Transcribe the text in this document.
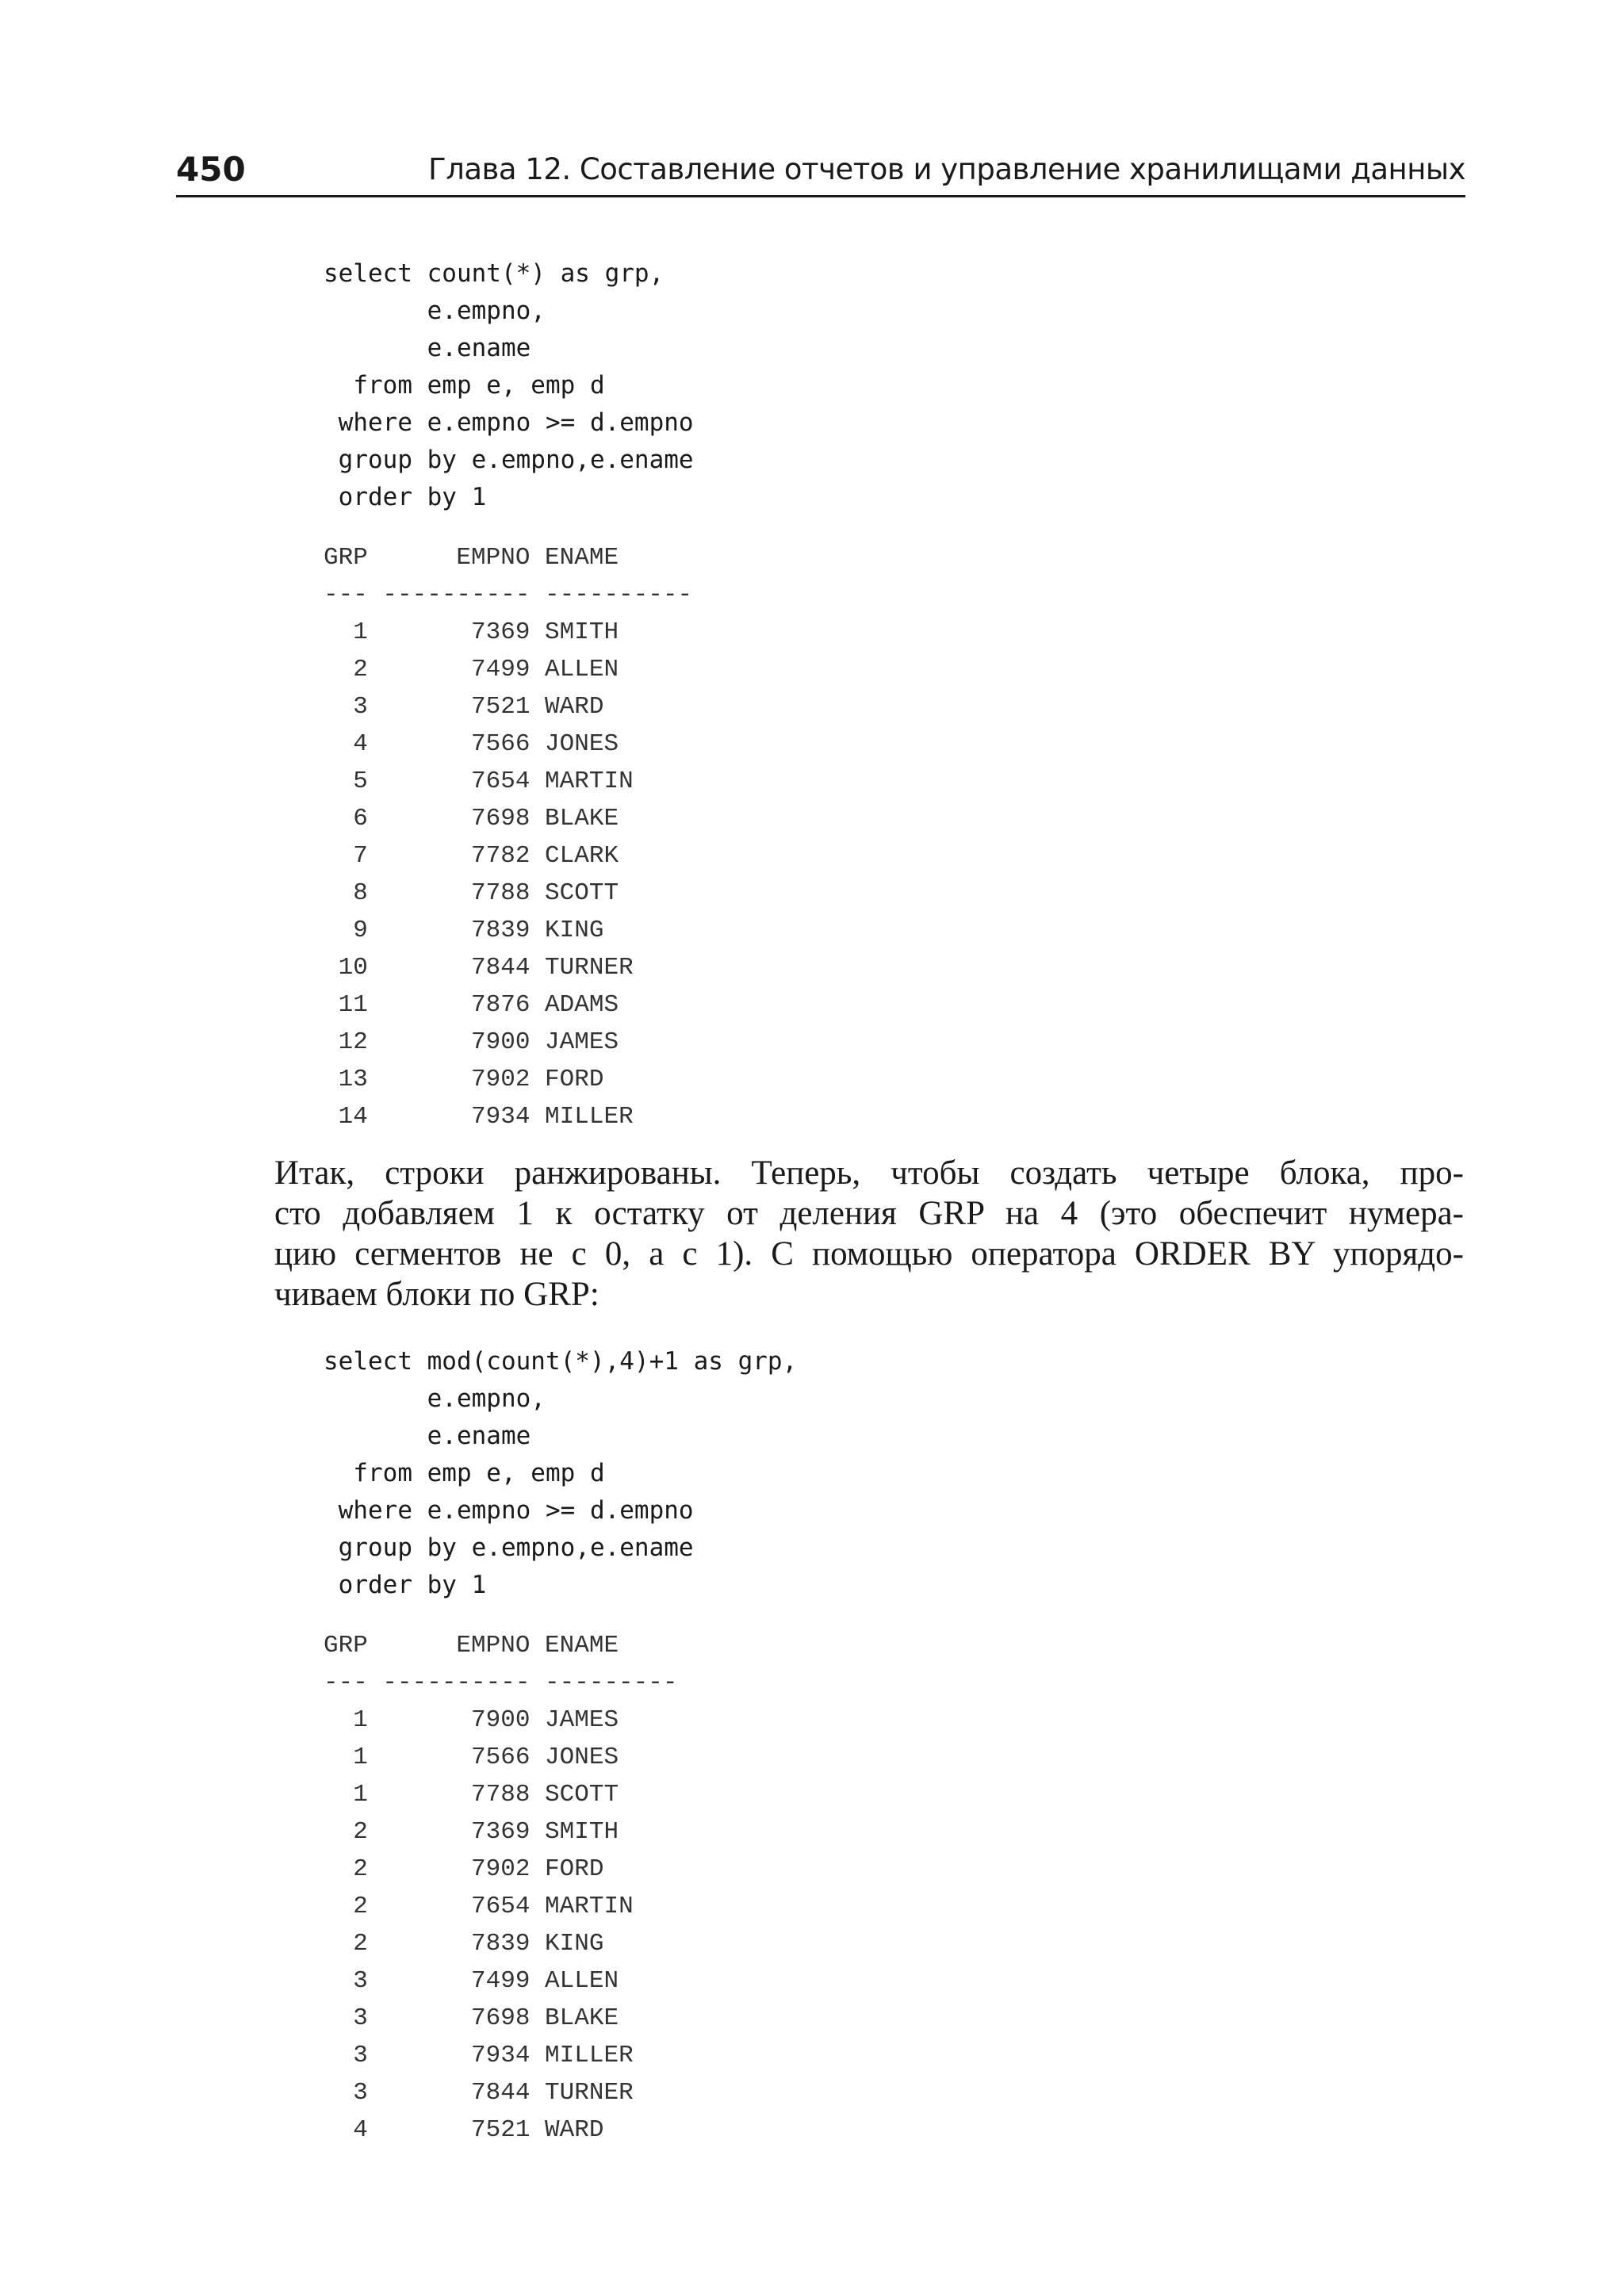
450	Глава 12. Составление отчетов и управление хранилищами данных
select count(*) as grp,
e.empno,
e.ename
from emp e, emp d
where e.empno >= d.empno
group by e.empno,e.ename
order by 1
GRP      EMPNO ENAME
--- ---------- ----------
1       7369 SMITH
2       7499 ALLEN
3       7521 WARD
4       7566 JONES
5       7654 MARTIN
6       7698 BLAKE
7       7782 CLARK
8       7788 SCOTT
9       7839 KING
10       7844 TURNER
11       7876 ADAMS
12       7900 JAMES
13       7902 FORD
14       7934 MILLER
Итак, строки ранжированы. Теперь, чтобы создать четыре блока, про-
сто добавляем 1 к остатку от деления GRP на 4 (это обеспечит нумера-
цию сегментов не с 0, а с 1). С помощью оператора ORDER BY упорядо-
чиваем блоки по GRP:
select mod(count(*),4)+1 as grp,
e.empno,
e.ename
from emp e, emp d
where e.empno >= d.empno
group by e.empno,e.ename
order by 1
GRP      EMPNO ENAME
--- ---------- ---------
1       7900 JAMES
1       7566 JONES
1       7788 SCOTT
2       7369 SMITH
2       7902 FORD
2       7654 MARTIN
2       7839 KING
3       7499 ALLEN
3       7698 BLAKE
3       7934 MILLER
3       7844 TURNER
4       7521 WARD
